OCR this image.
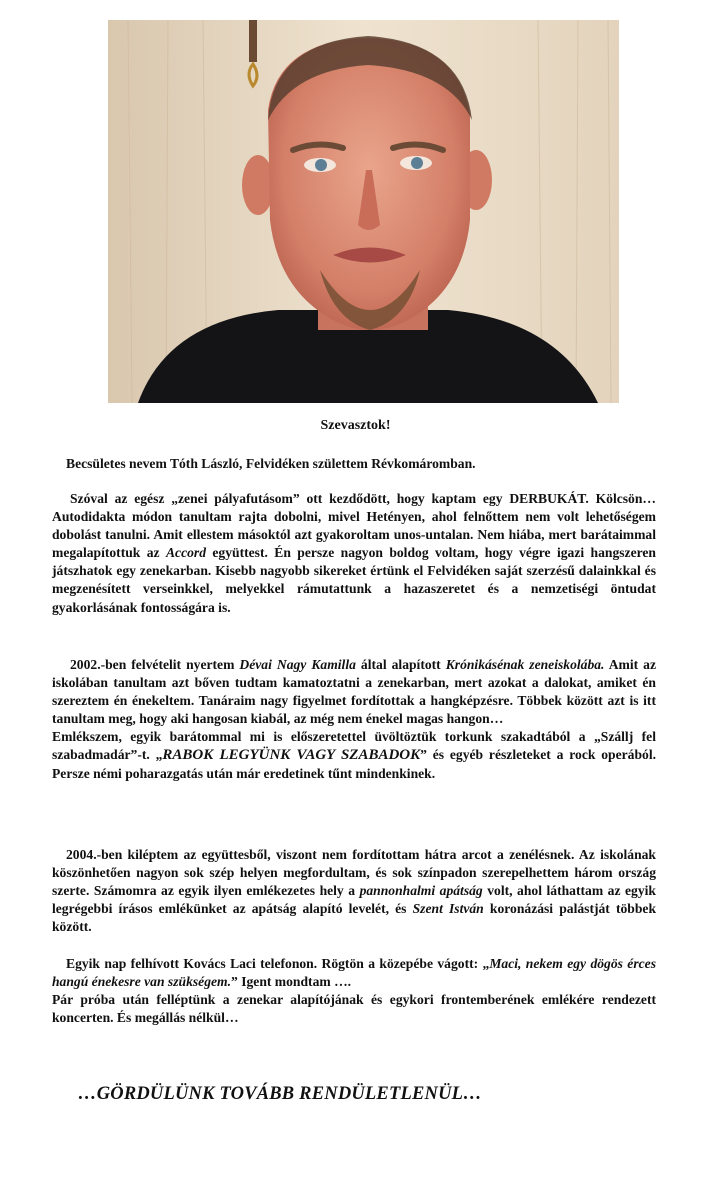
Szevasztok!

Becsületes nevem Tóth László, Felvidéken születtem Révkomáromban.

Szóval az egész „zenei pályafutásom” ott kezdődött, hogy kaptam egy DERBUKÁT. Kölcsön… Autodidakta módon tanultam rajta dobolni, mivel Hetényen, ahol felnőttem nem volt lehetőségem dobolást tanulni. Amit ellestem másoktól azt gyakoroltam unos-untalan. Nem hiába, mert barátaimmal megalapítottuk az Accord együttest. Én persze nagyon boldog voltam, hogy végre igazi hangszeren játszhatok egy zenekarban. Kisebb nagyobb sikereket értünk el Felvidéken saját szerzésű dalainkkal és megzenésített verseinkkel, melyekkel rámutattunk a hazaszeretet és a nemzetiségi öntudat gyakorlásának fontosságára is.

2002.-ben felvételit nyertem Dévai Nagy Kamilla által alapított Krónikásénak zeneiskolába. Amit az iskolában tanultam azt bőven tudtam kamatoztatni a zenekarban, mert azokat a dalokat, amiket én szereztem én énekeltem. Tanáraim nagy figyelmet fordítottak a hangképzésre. Többek között azt is itt tanultam meg, hogy aki hangosan kiabál, az még nem énekel magas hangon…
Emlékszem, egyik barátommal mi is előszeretettel üvöltöztük torkunk szakadtából a „Szállj fel szabadmadár”-t. „RABOK LEGYÜNK VAGY SZABADOK” és egyéb részleteket a rock operából. Persze némi poharazgatás után már eredetinek tűnt mindenkinek.

2004.-ben kiléptem az együttesből, viszont nem fordítottam hátra arcot a zenélésnek. Az iskolának köszönhetően nagyon sok szép helyen megfordultam, és sok színpadon szerepelhettem három ország szerte. Számomra az egyik ilyen emlékezetes hely a pannonhalmi apátság volt, ahol láthattam az egyik legrégebbi írásos emlékünket az apátság alapító levelét, és Szent István koronázási palástját többek között.

Egyik nap felhívott Kovács Laci telefonon. Rögtön a közepébe vágott: „Maci, nekem egy dögös érces hangú énekesre van szükségem.” Igent mondtam ….
Pár próba után felléptünk a zenekar alapítójának és egykori frontemberének emlékére rendezett koncerten. És megállás nélkül…

…GÖRDÜLÜNK TOVÁBB RENDÜLETLENÜL…
